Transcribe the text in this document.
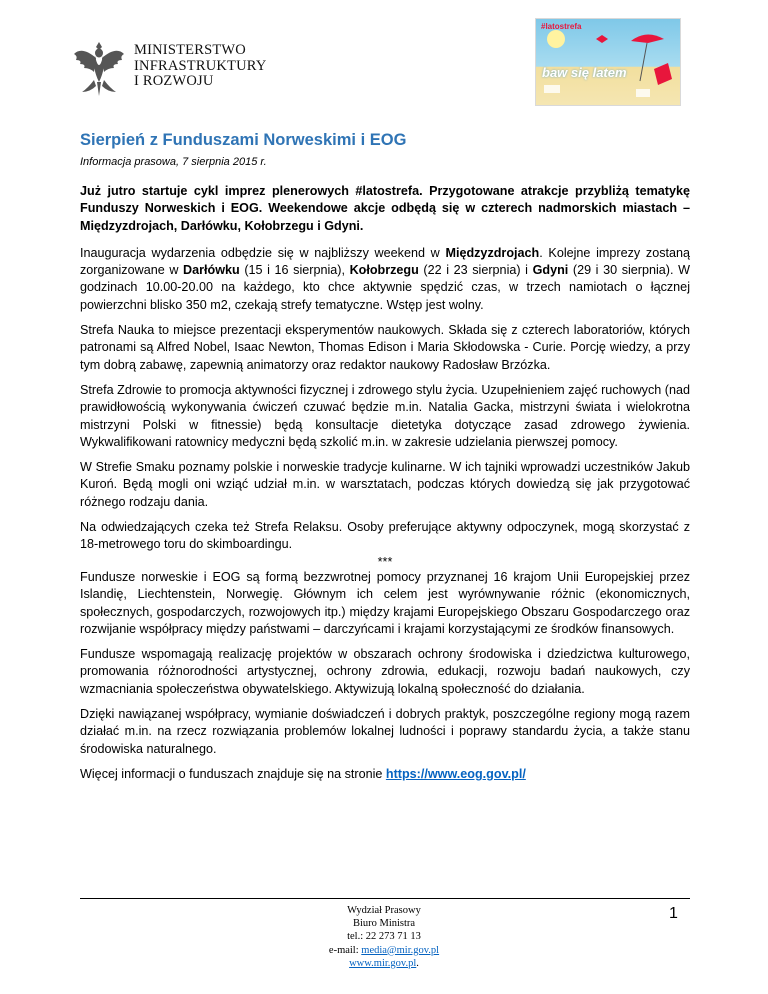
MINISTERSTWO
INFRASTRUKTURY
I ROZWOJU
#latostrefa
baw się latem
Sierpień z Funduszami Norweskimi i EOG

Informacja prasowa, 7 sierpnia 2015 r.

Już jutro startuje cykl imprez plenerowych #latostrefa. Przygotowane atrakcje przybliżą tematykę Funduszy Norweskich i EOG. Weekendowe akcje odbędą się w czterech nadmorskich miastach – Międzyzdrojach, Darłówku, Kołobrzegu i Gdyni.

Inauguracja wydarzenia odbędzie się w najbliższy weekend w Międzyzdrojach. Kolejne imprezy zostaną zorganizowane w Darłówku (15 i 16 sierpnia), Kołobrzegu (22 i 23 sierpnia) i Gdyni (29 i 30 sierpnia). W godzinach 10.00-20.00 na każdego, kto chce aktywnie spędzić czas, w trzech namiotach o łącznej powierzchni blisko 350 m2, czekają strefy tematyczne. Wstęp jest wolny.

Strefa Nauka to miejsce prezentacji eksperymentów naukowych. Składa się z czterech laboratoriów, których patronami są Alfred Nobel, Isaac Newton, Thomas Edison i Maria Skłodowska - Curie. Porcję wiedzy, a przy tym dobrą zabawę, zapewnią animatorzy oraz redaktor naukowy Radosław Brzózka.

Strefa Zdrowie to promocja aktywności fizycznej i zdrowego stylu życia. Uzupełnieniem zajęć ruchowych (nad prawidłowością wykonywania ćwiczeń czuwać będzie m.in. Natalia Gacka, mistrzyni świata i wielokrotna mistrzyni Polski w fitnessie) będą konsultacje dietetyka dotyczące zasad zdrowego żywienia. Wykwalifikowani ratownicy medyczni będą szkolić m.in. w zakresie udzielania pierwszej pomocy.

W Strefie Smaku poznamy polskie i norweskie tradycje kulinarne. W ich tajniki wprowadzi uczestników Jakub Kuroń. Będą mogli oni wziąć udział m.in. w warsztatach, podczas których dowiedzą się jak przygotować różnego rodzaju dania.

Na odwiedzających czeka też Strefa Relaksu. Osoby preferujące aktywny odpoczynek, mogą skorzystać z 18-metrowego toru do skimboardingu.

***

Fundusze norweskie i EOG są formą bezzwrotnej pomocy przyznanej 16 krajom Unii Europejskiej przez Islandię, Liechtenstein, Norwegię. Głównym ich celem jest wyrównywanie różnic (ekonomicznych, społecznych, gospodarczych, rozwojowych itp.) między krajami Europejskiego Obszaru Gospodarczego oraz rozwijanie współpracy między państwami – darczyńcami i krajami korzystającymi ze środków finansowych.

Fundusze wspomagają realizację projektów w obszarach ochrony środowiska i dziedzictwa kulturowego, promowania różnorodności artystycznej, ochrony zdrowia, edukacji, rozwoju badań naukowych, czy wzmacniania społeczeństwa obywatelskiego. Aktywizują lokalną społeczność do działania.

Dzięki nawiązanej współpracy, wymianie doświadczeń i dobrych praktyk, poszczególne regiony mogą razem działać m.in. na rzecz rozwiązania problemów lokalnej ludności i poprawy standardu życia, a także stanu środowiska naturalnego.

Więcej informacji o funduszach znajduje się na stronie https://www.eog.gov.pl/

Wydział Prasowy
Biuro Ministra
tel.: 22 273 71 13
e-mail: media@mir.gov.pl
www.mir.gov.pl.
1
